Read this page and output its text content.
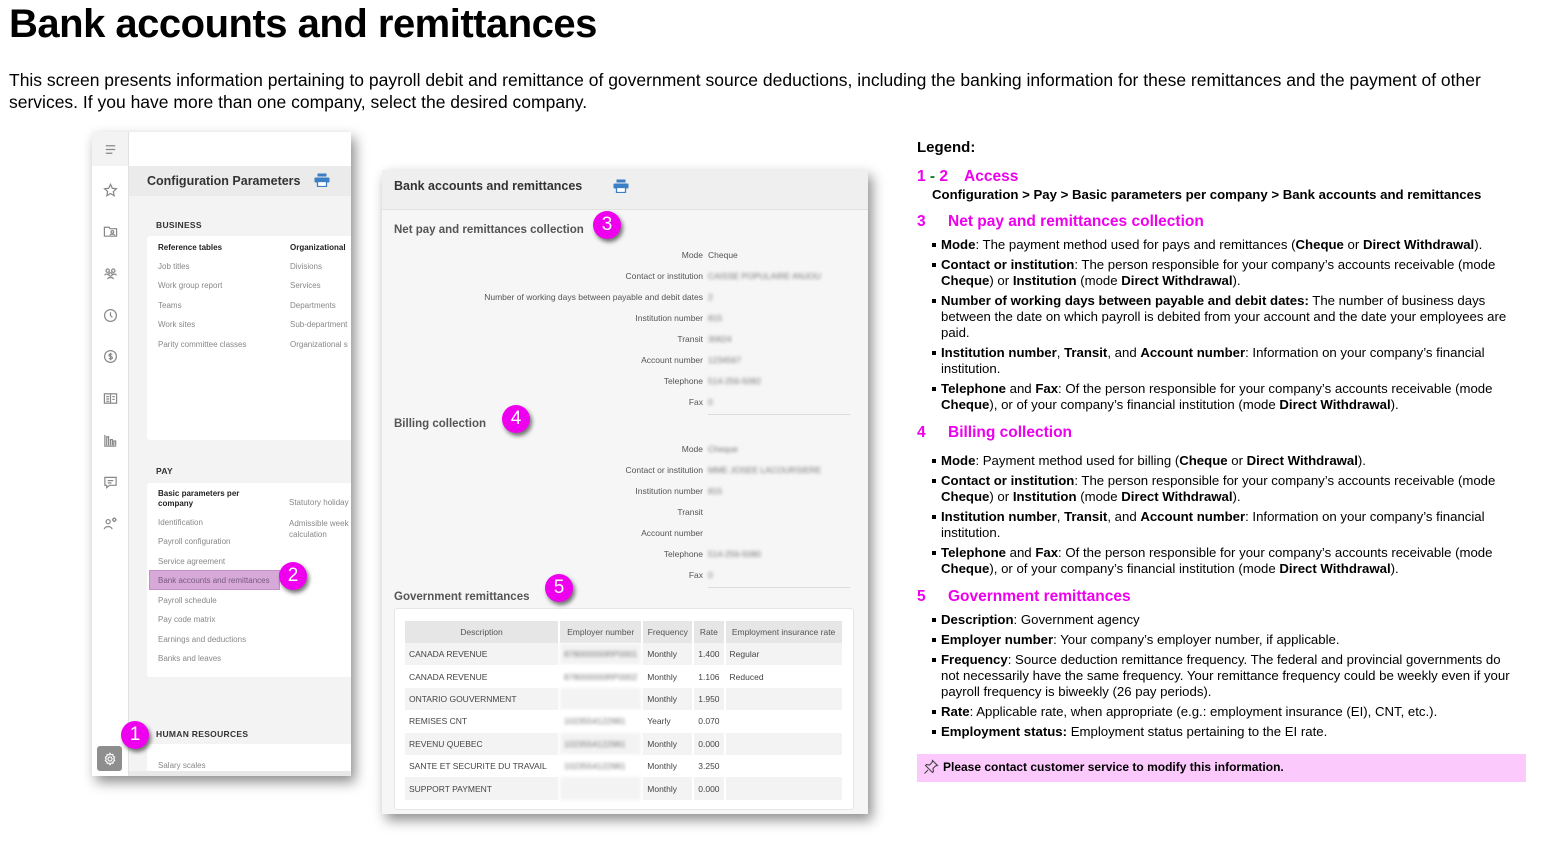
Bank accounts and remittances
This screen presents information pertaining to payroll debit and remittance of government source deductions, including the banking information for these remittances and the payment of other services. If you have more than one company, select the desired company.
Configuration Parameters
BUSINESS
Reference tables
Job titles
Work group report
Teams
Work sites
Parity committee classes
Organizational
Divisions
Services
Departments
Sub-department
Organizational s
PAY
Basic parameters per company
Identification
Payroll configuration
Service agreement
Bank accounts and remittances
Payroll schedule
Pay code matrix
Earnings and deductions
Banks and leaves
Statutory holiday
Admissible week calculation
HUMAN RESOURCES
Salary scales
Bank accounts and remittances
Net pay and remittances collection
Mode Cheque
Contact or institution CAISSE POPULAIRE ANJOU
Number of working days between payable and debit dates 2
Institution number 815
Transit 30624
Account number 1234567
Telephone 514-256-5082
Fax 0
Billing collection
Mode Cheque
Contact or institution MME JOSEE LACOURSIERE
Institution number 815
Transit
Account number
Telephone 514-256-5080
Fax 0
Government remittances
Description	Employer number	Frequency	Rate	Employment insurance rate
CANADA REVENUE	878000000RP0001	Monthly	1.400	Regular
CANADA REVENUE	878000000RP0002	Monthly	1.106	Reduced
ONTARIO GOUVERNMENT		Monthly	1.950	
REMISES CNT	1023554122981	Yearly	0.070	
REVENU QUEBEC	1023554122981	Monthly	0.000	
SANTE ET SECURITE DU TRAVAIL	1023554122981	Monthly	3.250	
SUPPORT PAYMENT		Monthly	0.000	
1
2
3
4
5
Legend:
1 - 2 Access
Configuration > Pay > Basic parameters per company > Bank accounts and remittances
3 Net pay and remittances collection
Mode: The payment method used for pays and remittances (Cheque or Direct Withdrawal).
Contact or institution: The person responsible for your company’s accounts receivable (mode Cheque) or Institution (mode Direct Withdrawal).
Number of working days between payable and debit dates: The number of business days between the date on which payroll is debited from your account and the date your employees are paid.
Institution number, Transit, and Account number: Information on your company’s financial institution.
Telephone and Fax: Of the person responsible for your company’s accounts receivable (mode Cheque), or of your company’s financial institution (mode Direct Withdrawal).
4 Billing collection
Mode: Payment method used for billing (Cheque or Direct Withdrawal).
Contact or institution: The person responsible for your company’s accounts receivable (mode Cheque) or Institution (mode Direct Withdrawal).
Institution number, Transit, and Account number: Information on your company’s financial institution.
Telephone and Fax: Of the person responsible for your company’s accounts receivable (mode Cheque), or of your company’s financial institution (mode Direct Withdrawal).
5 Government remittances
Description: Government agency
Employer number: Your company’s employer number, if applicable.
Frequency: Source deduction remittance frequency. The federal and provincial governments do not necessarily have the same frequency. Your remittance frequency could be weekly even if your payroll frequency is biweekly (26 pay periods).
Rate: Applicable rate, when appropriate (e.g.: employment insurance (EI), CNT, etc.).
Employment status: Employment status pertaining to the EI rate.
Please contact customer service to modify this information.
